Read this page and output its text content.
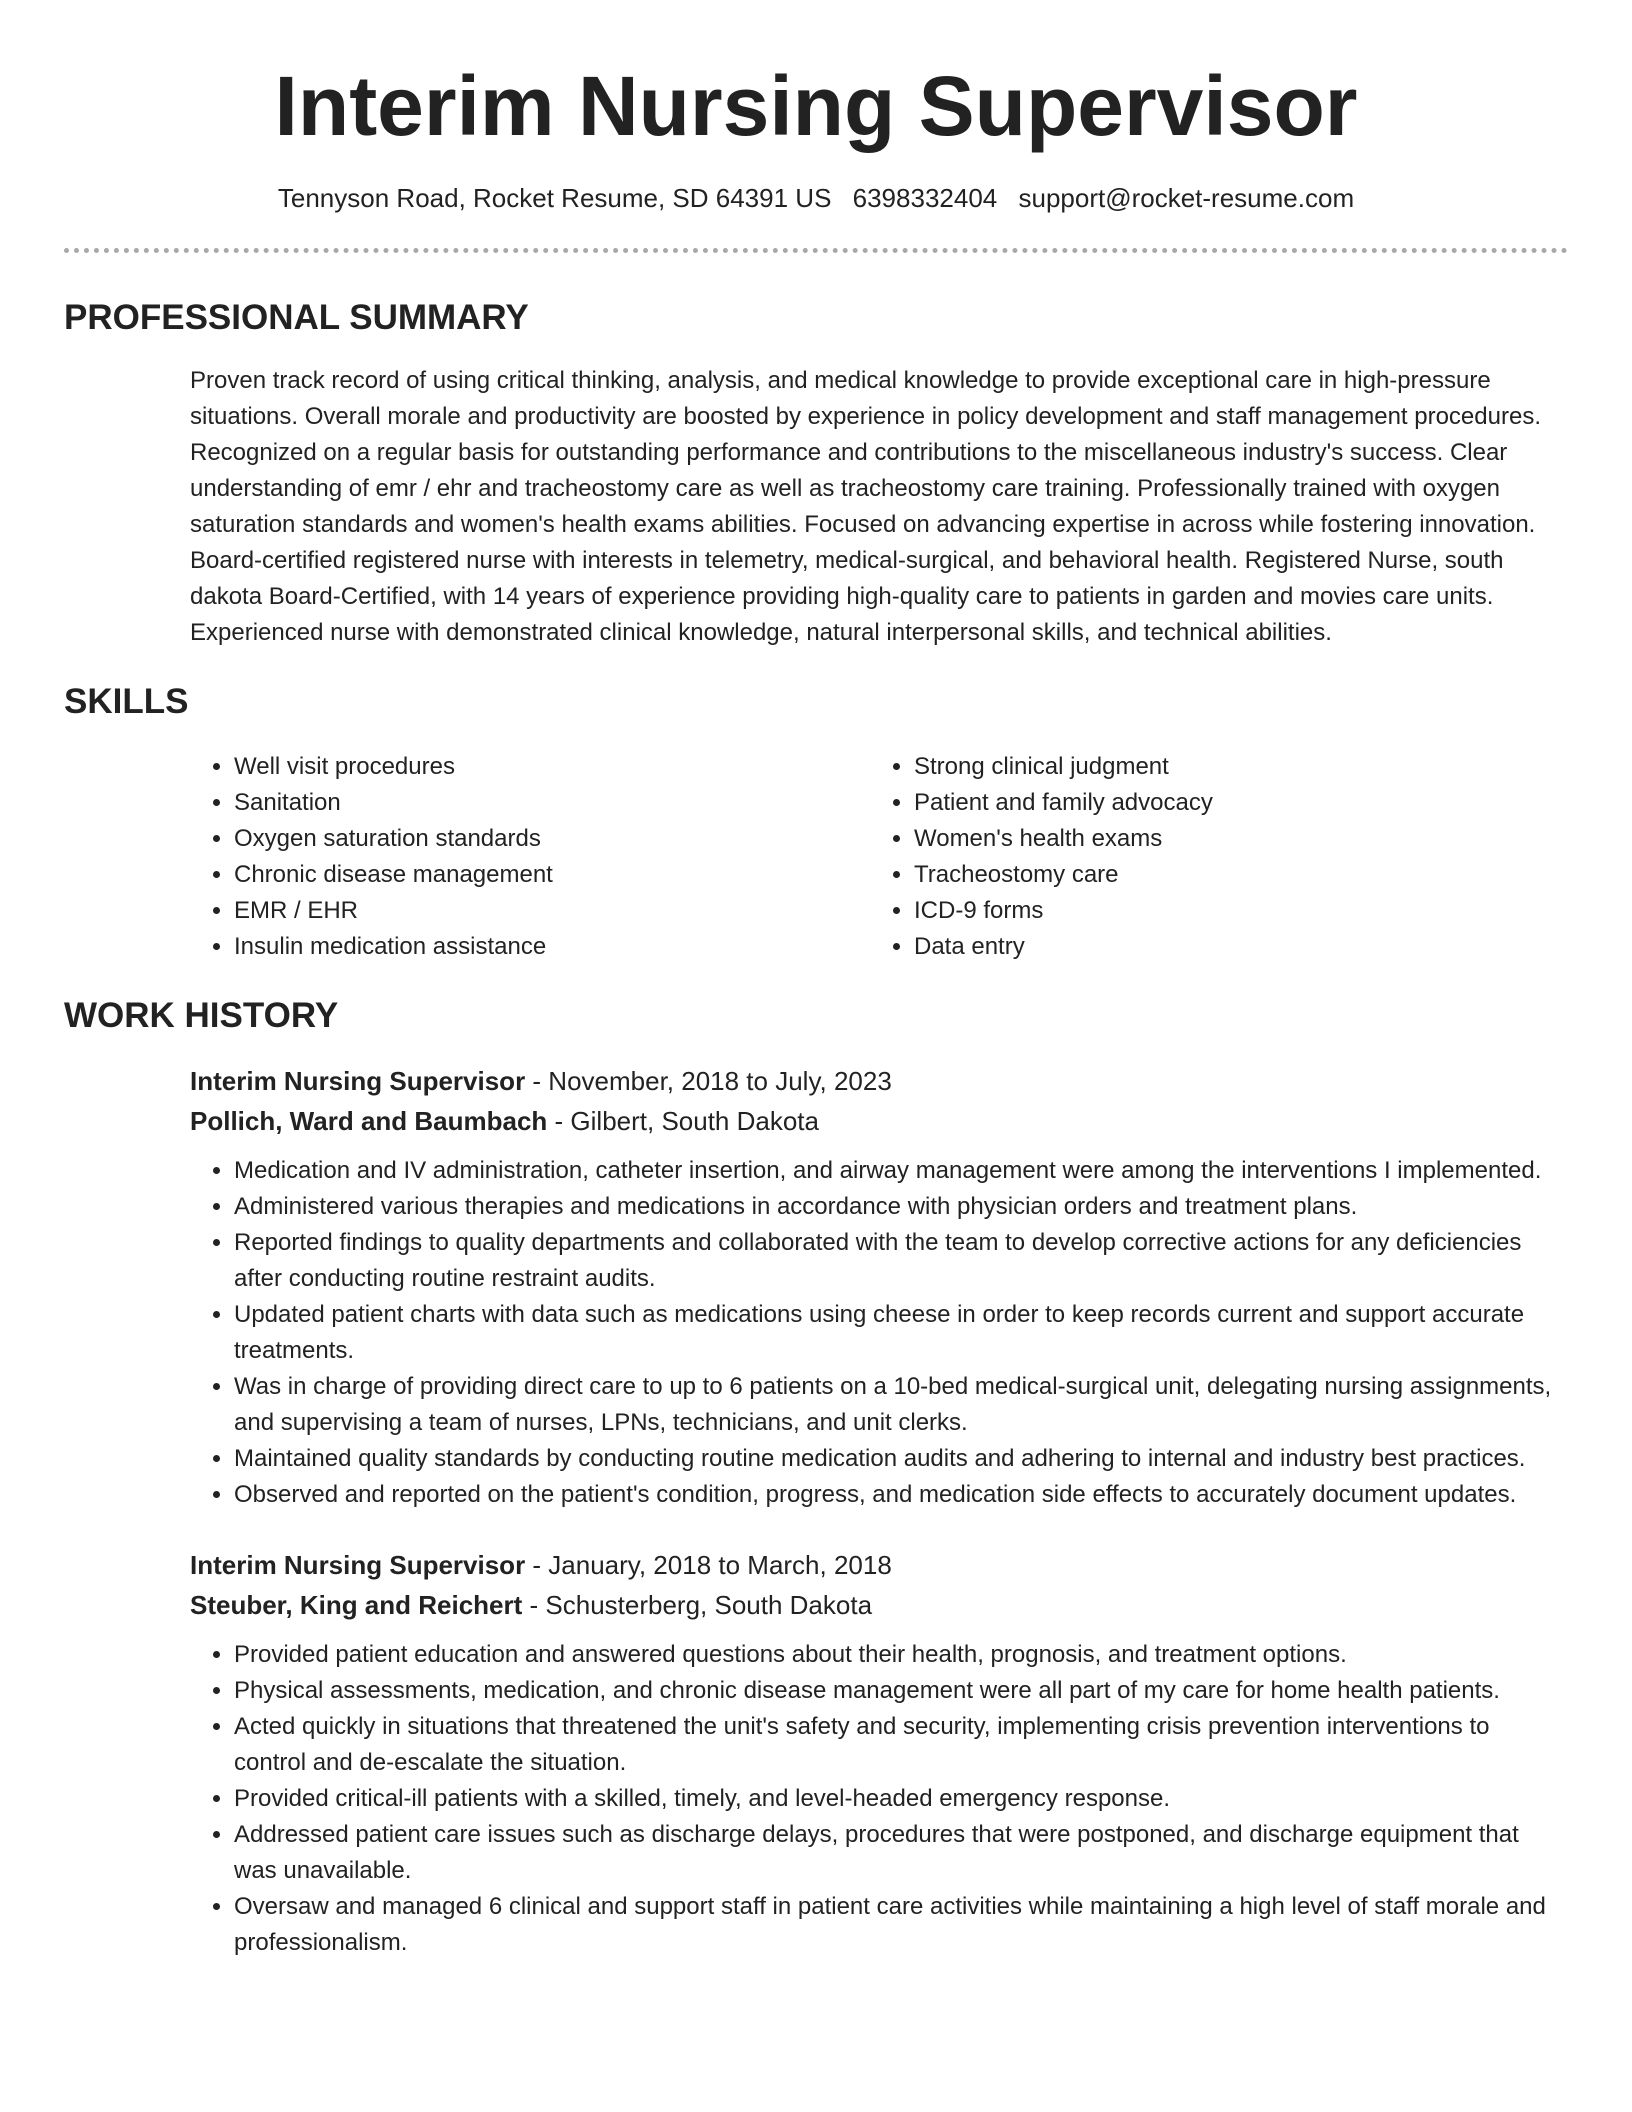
Interim Nursing Supervisor
Tennyson Road, Rocket Resume, SD 64391 US 6398332404 support@rocket-resume.com
PROFESSIONAL SUMMARY

Proven track record of using critical thinking, analysis, and medical knowledge to provide exceptional care in high-pressure situations. Overall morale and productivity are boosted by experience in policy development and staff management procedures. Recognized on a regular basis for outstanding performance and contributions to the miscellaneous industry's success. Clear understanding of emr / ehr and tracheostomy care as well as tracheostomy care training. Professionally trained with oxygen saturation standards and women's health exams abilities. Focused on advancing expertise in across while fostering innovation. Board-certified registered nurse with interests in telemetry, medical-surgical, and behavioral health. Registered Nurse, south dakota Board-Certified, with 14 years of experience providing high-quality care to patients in garden and movies care units. Experienced nurse with demonstrated clinical knowledge, natural interpersonal skills, and technical abilities.

SKILLS
• Well visit procedures
• Sanitation
• Oxygen saturation standards
• Chronic disease management
• EMR / EHR
• Insulin medication assistance
• Strong clinical judgment
• Patient and family advocacy
• Women's health exams
• Tracheostomy care
• ICD-9 forms
• Data entry
WORK HISTORY
Interim Nursing Supervisor - November, 2018 to July, 2023
Pollich, Ward and Baumbach - Gilbert, South Dakota
• Medication and IV administration, catheter insertion, and airway management were among the interventions I implemented.
• Administered various therapies and medications in accordance with physician orders and treatment plans.
• Reported findings to quality departments and collaborated with the team to develop corrective actions for any deficiencies after conducting routine restraint audits.
• Updated patient charts with data such as medications using cheese in order to keep records current and support accurate treatments.
• Was in charge of providing direct care to up to 6 patients on a 10-bed medical-surgical unit, delegating nursing assignments, and supervising a team of nurses, LPNs, technicians, and unit clerks.
• Maintained quality standards by conducting routine medication audits and adhering to internal and industry best practices.
• Observed and reported on the patient's condition, progress, and medication side effects to accurately document updates.
Interim Nursing Supervisor - January, 2018 to March, 2018
Steuber, King and Reichert - Schusterberg, South Dakota
• Provided patient education and answered questions about their health, prognosis, and treatment options.
• Physical assessments, medication, and chronic disease management were all part of my care for home health patients.
• Acted quickly in situations that threatened the unit's safety and security, implementing crisis prevention interventions to control and de-escalate the situation.
• Provided critical-ill patients with a skilled, timely, and level-headed emergency response.
• Addressed patient care issues such as discharge delays, procedures that were postponed, and discharge equipment that was unavailable.
• Oversaw and managed 6 clinical and support staff in patient care activities while maintaining a high level of staff morale and professionalism.
